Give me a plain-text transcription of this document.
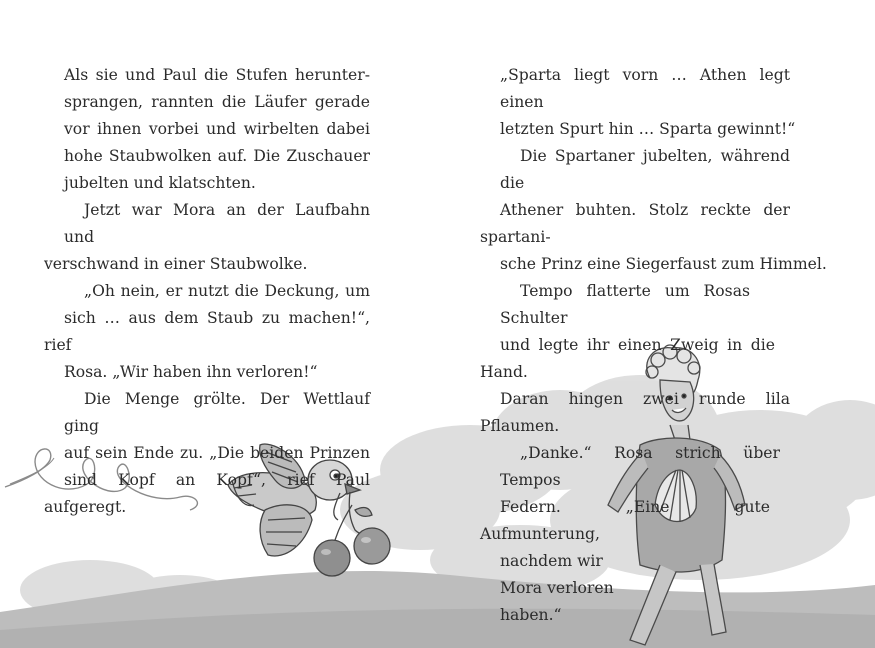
Als sie und Paul die Stufen herunter-
sprangen, rannten die Läufer gerade
vor ihnen vorbei und wirbelten dabei
hohe Staubwolken auf. Die Zuschauer
jubelten und klatschten.

Jetzt war Mora an der Laufbahn und
verschwand in einer Staubwolke.

„Oh nein, er nutzt die Deckung, um
sich … aus dem Staub zu machen!“, rief
Rosa. „Wir haben ihn verloren!“

Die Menge grölte. Der Wettlauf ging
auf sein Ende zu. „Die beiden Prinzen
sind Kopf an Kopf“, rief Paul aufgeregt.

„Sparta liegt vorn … Athen legt einen
letzten Spurt hin … Sparta gewinnt!“

Die Spartaner jubelten, während die
Athener buhten. Stolz reckte der spartani-
sche Prinz eine Siegerfaust zum Himmel.

Tempo flatterte um Rosas Schulter
und legte ihr einen Zweig in die Hand.
Daran hingen zwei runde lila Pflaumen.

„Danke.“ Rosa strich über Tempos
Federn. „Eine gute Aufmunterung,
nachdem wir
Mora verloren
haben.“
